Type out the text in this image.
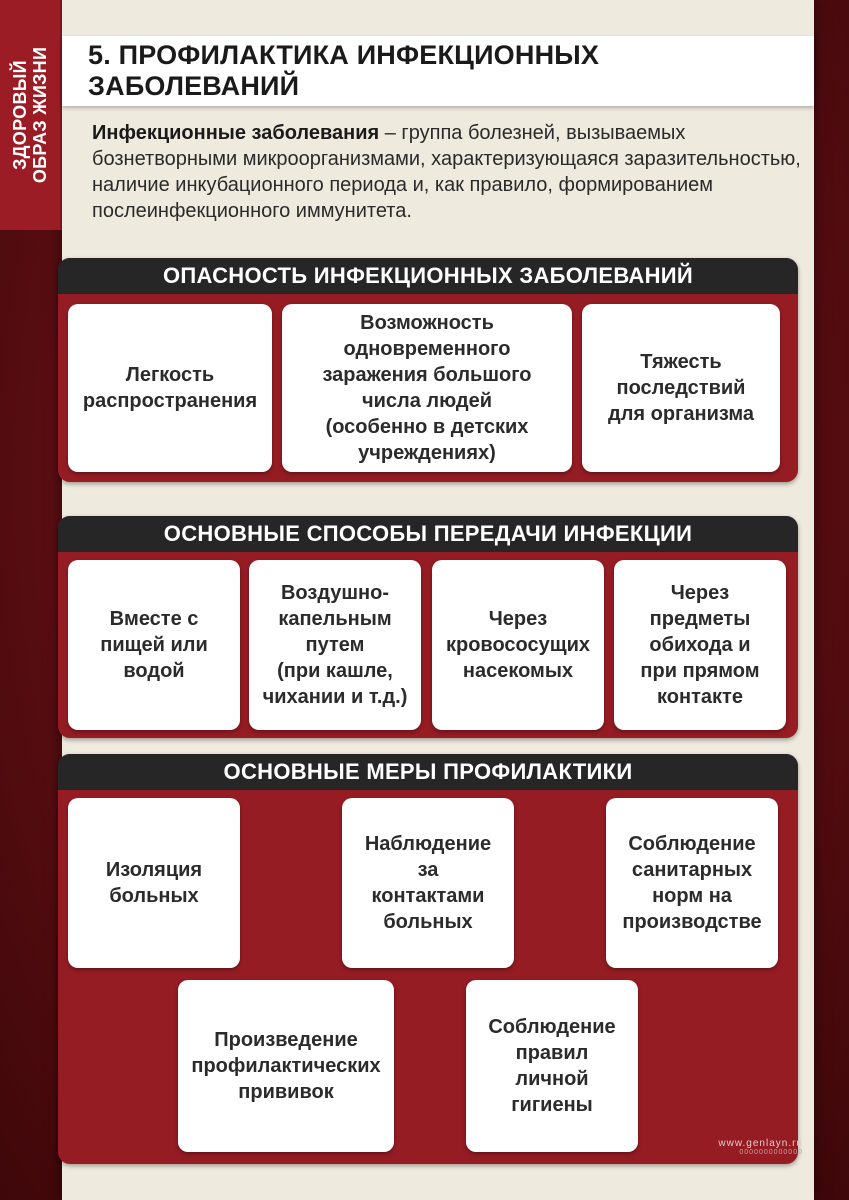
ЗДОРОВЫЙ ОБРАЗ ЖИЗНИ 5. ПРОФИЛАКТИКА ИНФЕКЦИОННЫХ ЗАБОЛЕВАНИЙ
Инфекционные заболевания – группа болезней, вызываемых бознетворными микроорганизмами, характеризующаяся заразительностью, наличие инкубационного периода и, как правило, формированием послеинфекционного иммунитета.
ОПАСНОСТЬ ИНФЕКЦИОННЫХ ЗАБОЛЕВАНИЙ
Легкость
распространения
Возможность
одновременного
заражения большого
числа людей
(особенно в детских
учреждениях)
Тяжесть
последствий
для организма
ОСНОВНЫЕ СПОСОБЫ ПЕРЕДАЧИ ИНФЕКЦИИ
Вместе с
пищей или
водой
Воздушно-
капельным
путем
(при кашле,
чихании и т.д.)
Через
кровососущих
насекомых
Через
предметы
обихода и
при прямом
контакте
ОСНОВНЫЕ МЕРЫ ПРОФИЛАКТИКИ
Изоляция
больных
Наблюдение
за
контактами
больных
Соблюдение
санитарных
норм на
производстве
Произведение
профилактических
прививок
Соблюдение
правил
личной
гигиены
www.genlayn.ru
0000000000000
